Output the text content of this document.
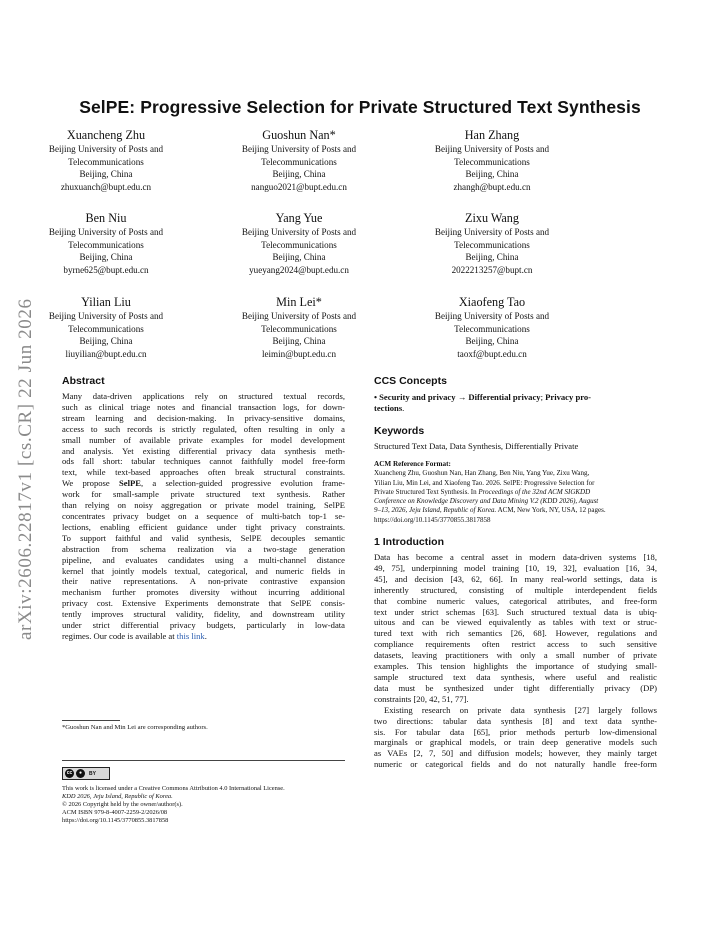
arXiv:2606.22817v1 [cs.CR] 22 Jun 2026
SelPE: Progressive Selection for Private Structured Text Synthesis
Xuancheng Zhu
Beijing University of Posts and
Telecommunications
Beijing, China
zhuxuanch@bupt.edu.cn
Guoshun Nan*
Beijing University of Posts and
Telecommunications
Beijing, China
nanguo2021@bupt.edu.cn
Han Zhang
Beijing University of Posts and
Telecommunications
Beijing, China
zhangh@bupt.edu.cn
Ben Niu
Beijing University of Posts and
Telecommunications
Beijing, China
byrne625@bupt.edu.cn
Yang Yue
Beijing University of Posts and
Telecommunications
Beijing, China
yueyang2024@bupt.edu.cn
Zixu Wang
Beijing University of Posts and
Telecommunications
Beijing, China
2022213257@bupt.cn
Yilian Liu
Beijing University of Posts and
Telecommunications
Beijing, China
liuyilian@bupt.edu.cn
Min Lei*
Beijing University of Posts and
Telecommunications
Beijing, China
leimin@bupt.edu.cn
Xiaofeng Tao
Beijing University of Posts and
Telecommunications
Beijing, China
taoxf@bupt.edu.cn
Abstract
Many data-driven applications rely on structured textual records,
such as clinical triage notes and financial transaction logs, for down-
stream learning and decision-making. In privacy-sensitive domains,
access to such records is strictly regulated, often resulting in only a
small number of available private examples for model development
and analysis. Yet existing differential privacy data synthesis meth-
ods fall short: tabular techniques cannot faithfully model free-form
text, while text-based approaches often break structural constraints.
We propose SelPE, a selection-guided progressive evolution frame-
work for small-sample private structured text synthesis. Rather
than relying on noisy aggregation or private model training, SelPE
concentrates privacy budget on a sequence of multi-batch top-1 se-
lections, enabling efficient guidance under tight privacy constraints.
To support faithful and valid synthesis, SelPE decouples semantic
abstraction from schema realization via a two-stage generation
pipeline, and evaluates candidates using a multi-channel distance
kernel that jointly models textual, categorical, and numeric fields in
their native representations. A non-private contrastive expansion
mechanism further promotes diversity without incurring additional
privacy cost. Extensive Experiments demonstrate that SelPE consis-
tently improves structural validity, fidelity, and downstream utility
under strict differential privacy budgets, particularly in low-data
regimes. Our code is available at this link.
*Guoshun Nan and Min Lei are corresponding authors.
cc	●	BY
This work is licensed under a Creative Commons Attribution 4.0 International License.
KDD 2026, Jeju Island, Republic of Korea.
© 2026 Copyright held by the owner/author(s).
ACM ISBN 979-8-4007-2259-2/2026/08
https://doi.org/10.1145/3770855.3817858
CCS Concepts
• Security and privacy → Differential privacy; Privacy pro-
tections.
Keywords
Structured Text Data, Data Synthesis, Differentially Private
ACM Reference Format:
Xuancheng Zhu, Guoshun Nan, Han Zhang, Ben Niu, Yang Yue, Zixu Wang,
Yilian Liu, Min Lei, and Xiaofeng Tao. 2026. SelPE: Progressive Selection for
Private Structured Text Synthesis. In Proceedings of the 32nd ACM SIGKDD
Conference on Knowledge Discovery and Data Mining V.2 (KDD 2026), August
9–13, 2026, Jeju Island, Republic of Korea. ACM, New York, NY, USA, 12 pages.
https://doi.org/10.1145/3770855.3817858
1 Introduction
Data has become a central asset in modern data-driven systems [18,
49, 75], underpinning model training [10, 19, 32], evaluation [16, 34,
45], and decision [43, 62, 66]. In many real-world settings, data is
inherently structured, consisting of multiple interdependent fields
that combine numeric values, categorical attributes, and free-form
text under strict schemas [63]. Such structured textual data is ubiq-
uitous and can be viewed equivalently as tables with text or struc-
tured text with rich semantics [26, 68]. However, regulations and
compliance requirements often restrict access to such sensitive
datasets, leaving practitioners with only a small number of private
examples. This tension highlights the importance of studying small-
sample structured text data synthesis, where useful and realistic
data must be synthesized under tight differentially privacy (DP)
constraints [20, 42, 51, 77].
Existing research on private data synthesis [27] largely follows
two directions: tabular data synthesis [8] and text data synthe-
sis. For tabular data [65], prior methods perturb low-dimensional
marginals or graphical models, or train deep generative models such
as VAEs [2, 7, 50] and diffusion models; however, they mainly target
numeric or categorical fields and do not naturally handle free-form
